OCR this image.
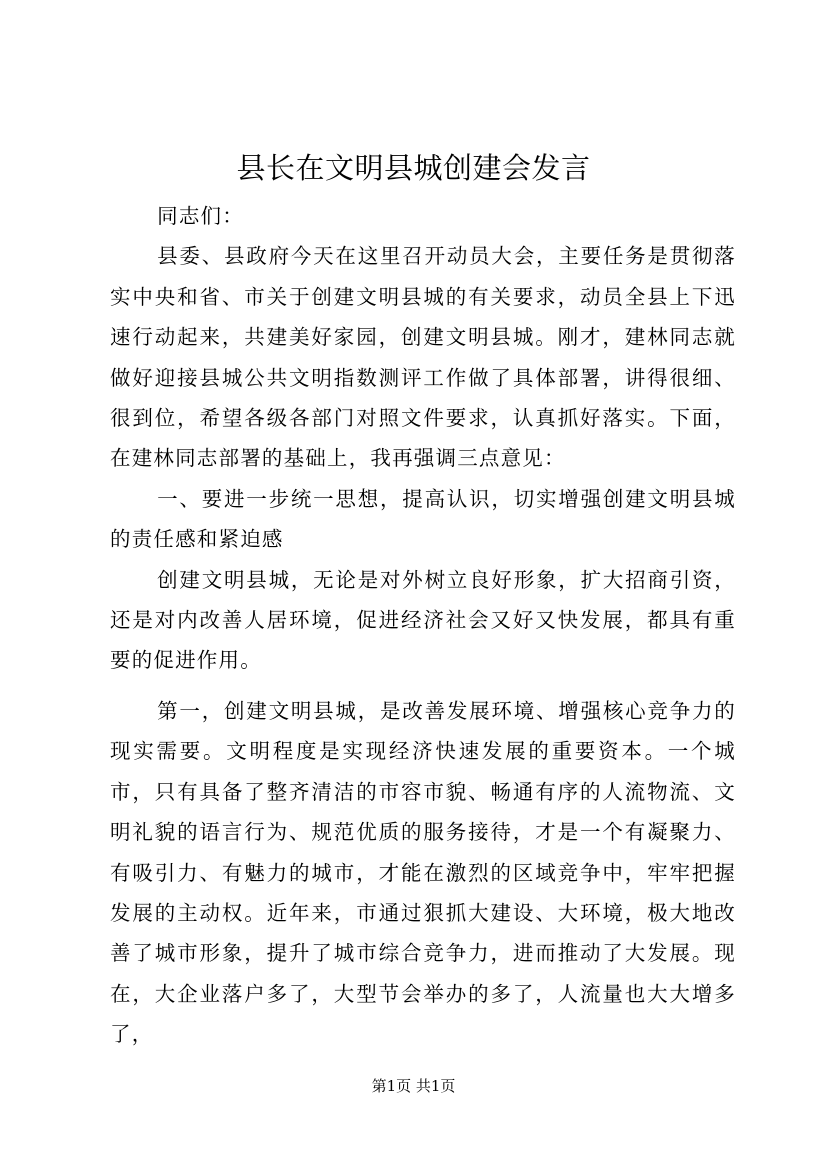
县长在文明县城创建会发言

同志们：

县委、县政府今天在这里召开动员大会，主要任务是贯彻落实中央和省、市关于创建文明县城的有关要求，动员全县上下迅速行动起来，共建美好家园，创建文明县城。刚才，建林同志就做好迎接县城公共文明指数测评工作做了具体部署，讲得很细、很到位，希望各级各部门对照文件要求，认真抓好落实。下面，在建林同志部署的基础上，我再强调三点意见：

一、要进一步统一思想，提高认识，切实增强创建文明县城的责任感和紧迫感

创建文明县城，无论是对外树立良好形象，扩大招商引资，还是对内改善人居环境，促进经济社会又好又快发展，都具有重要的促进作用。

第一，创建文明县城，是改善发展环境、增强核心竞争力的现实需要。文明程度是实现经济快速发展的重要资本。一个城市，只有具备了整齐清洁的市容市貌、畅通有序的人流物流、文明礼貌的语言行为、规范优质的服务接待，才是一个有凝聚力、有吸引力、有魅力的城市，才能在激烈的区域竞争中，牢牢把握发展的主动权。近年来，市通过狠抓大建设、大环境，极大地改善了城市形象，提升了城市综合竞争力，进而推动了大发展。现在，大企业落户多了，大型节会举办的多了，人流量也大大增多了，

第1页 共1页
